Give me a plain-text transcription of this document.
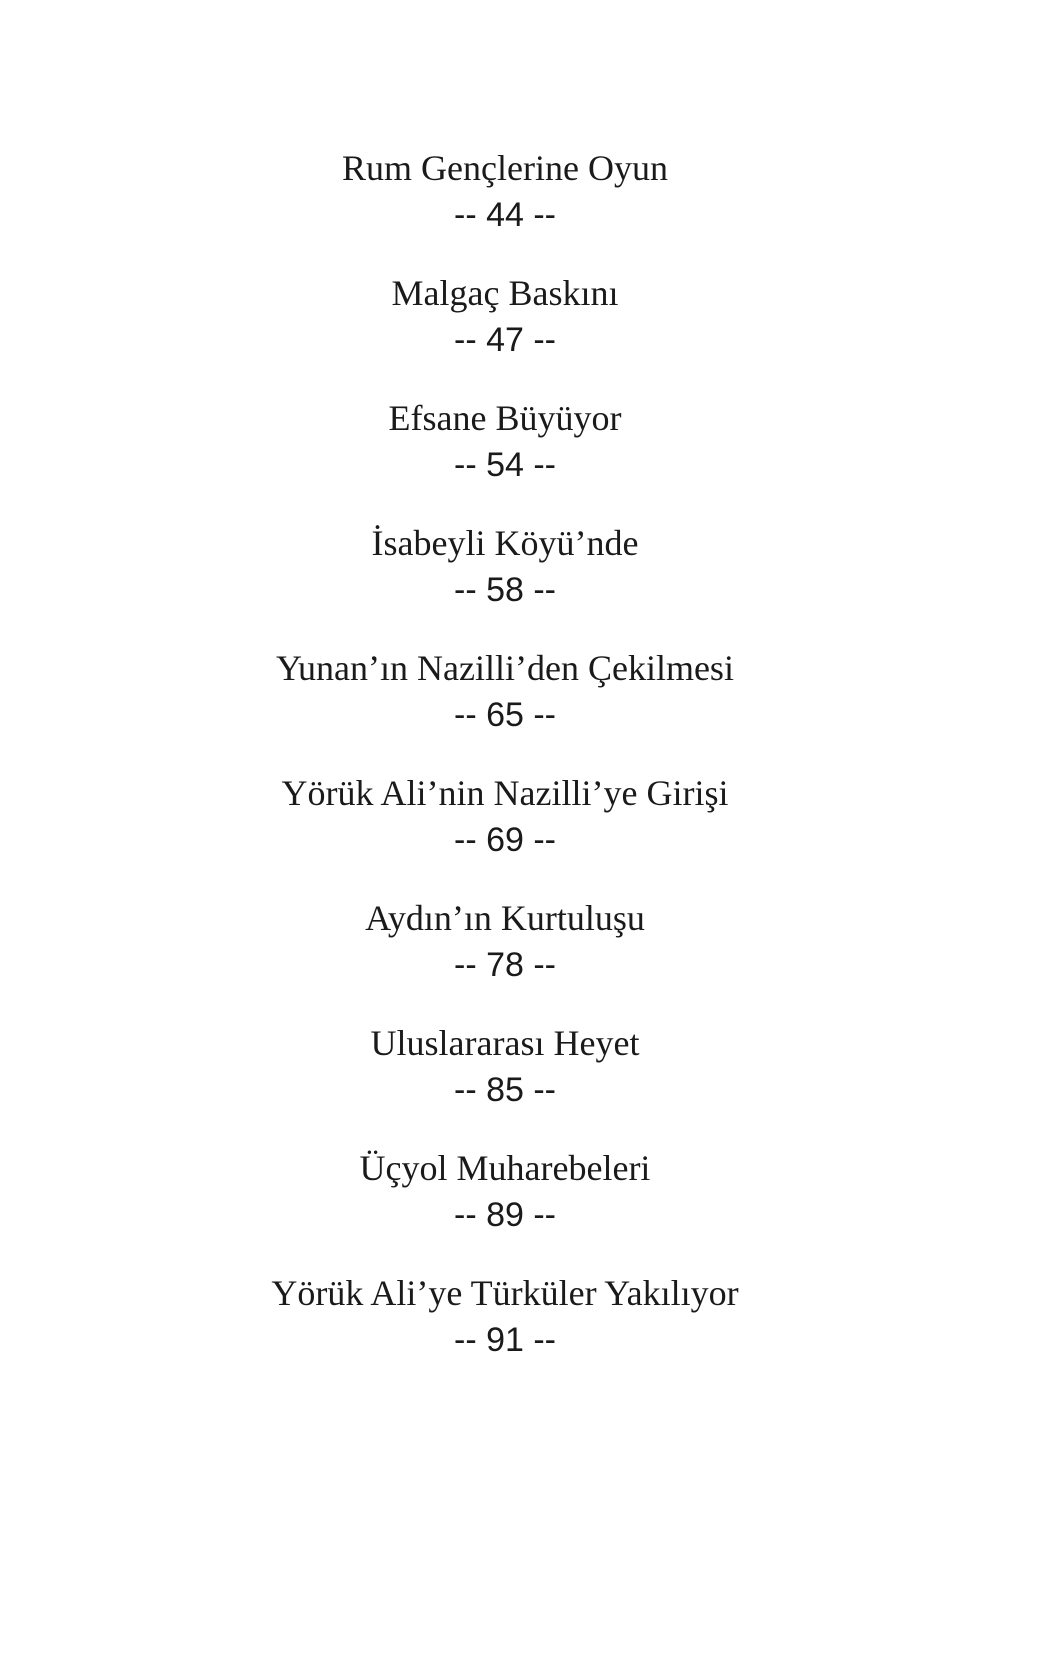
Rum Gençlerine Oyun
-- 44 --
Malgaç Baskını
-- 47 --
Efsane Büyüyor
-- 54 --
İsabeyli Köyü’nde
-- 58 --
Yunan’ın Nazilli’den Çekilmesi
-- 65 --
Yörük Ali’nin Nazilli’ye Girişi
-- 69 --
Aydın’ın Kurtuluşu
-- 78 --
Uluslararası Heyet
-- 85 --
Üçyol Muharebeleri
-- 89 --
Yörük Ali’ye Türküler Yakılıyor
-- 91 --
